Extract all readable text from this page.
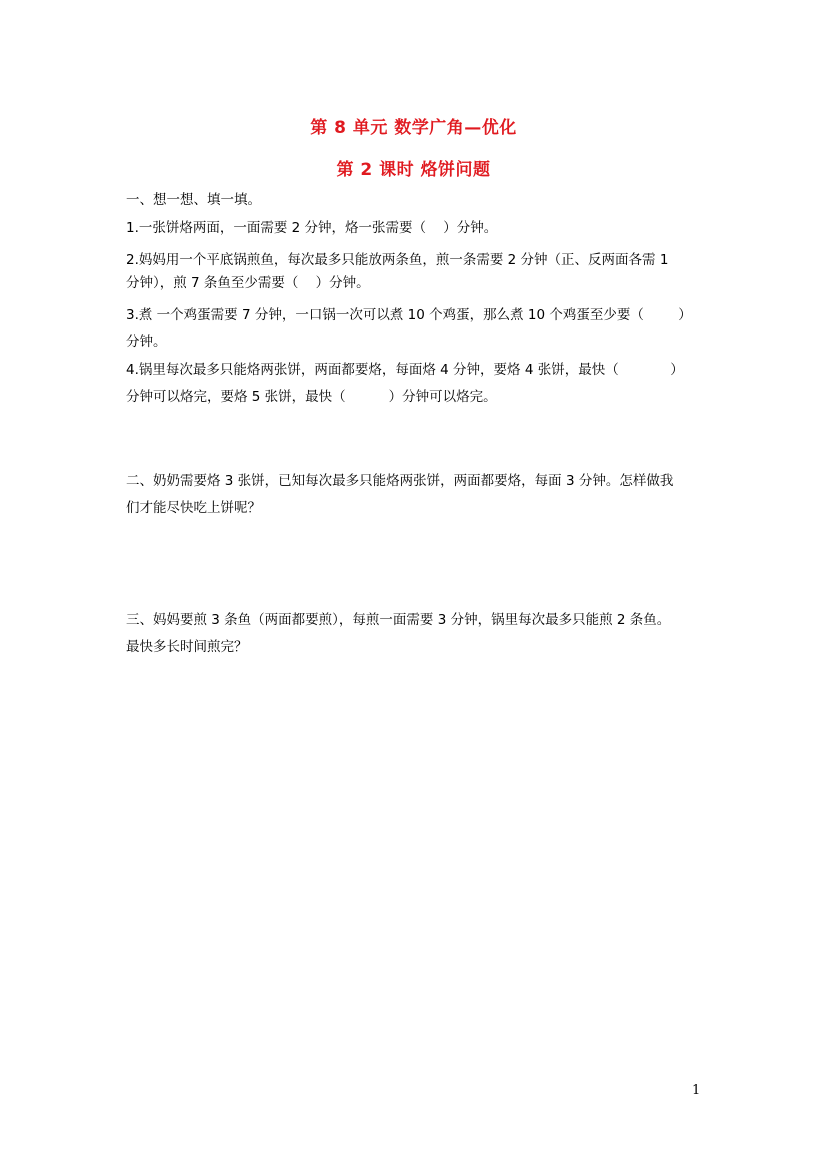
第 8 单元 数学广角—优化
第 2 课时 烙饼问题
一、想一想、填一填。
1.一张饼烙两面，一面需要 2 分钟，烙一张需要（    ）分钟。
2.妈妈用一个平底锅煎鱼，每次最多只能放两条鱼，煎一条需要 2 分钟（正、反两面各需 1
分钟），煎 7 条鱼至少需要（    ）分钟。
3.煮 一个鸡蛋需要 7 分钟，一口锅一次可以煮 10 个鸡蛋，那么煮 10 个鸡蛋至少要（        ）
分钟。
4.锅里每次最多只能烙两张饼，两面都要烙，每面烙 4 分钟，要烙 4 张饼，最快（            ）
分钟可以烙完，要烙 5 张饼，最快（          ）分钟可以烙完。
二、奶奶需要烙 3 张饼，已知每次最多只能烙两张饼，两面都要烙，每面 3 分钟。怎样做我
们才能尽快吃上饼呢？
三、妈妈要煎 3 条鱼（两面都要煎），每煎一面需要 3 分钟，锅里每次最多只能煎 2 条鱼。
最快多长时间煎完？
1
